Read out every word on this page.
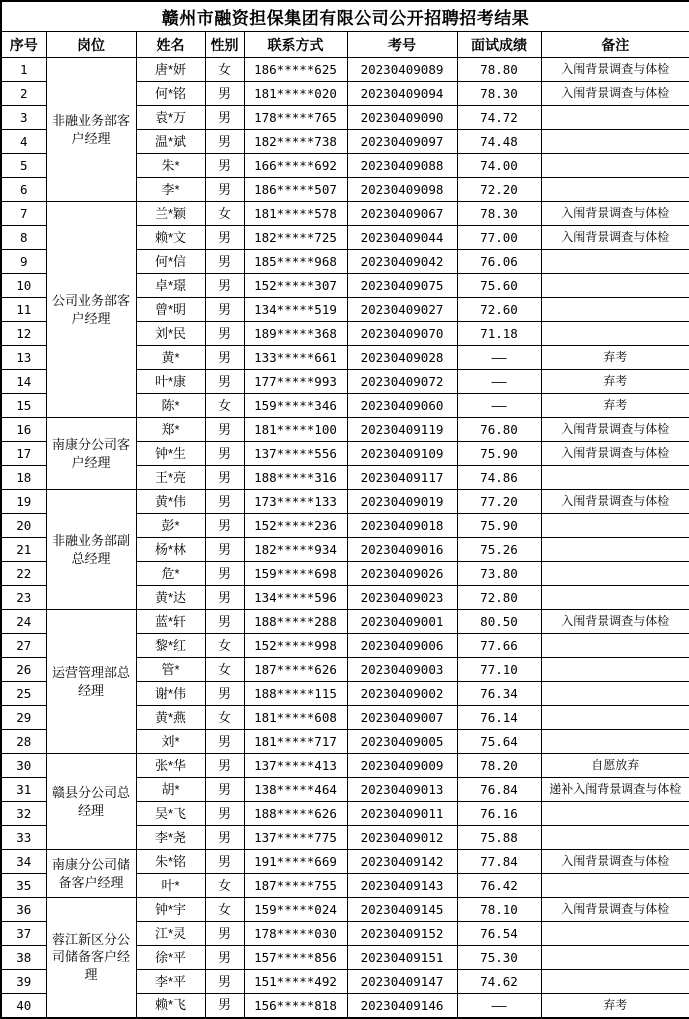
赣州市融资担保集团有限公司公开招聘招考结果							
序号	岗位	姓名	性别	联系方式	考号	面试成绩	备注
1	非融业务部客户经理	唐*妍	女	186*****625	20230409089	78.80	入闱背景调查与体检
2		何*铭	男	181*****020	20230409094	78.30	入闱背景调查与体检
3		袁*万	男	178*****765	20230409090	74.72	
4		温*斌	男	182*****738	20230409097	74.48	
5		朱*	男	166*****692	20230409088	74.00	
6		李*	男	186*****507	20230409098	72.20	
7	公司业务部客户经理	兰*颖	女	181*****578	20230409067	78.30	入闱背景调查与体检
8		赖*文	男	182*****725	20230409044	77.00	入闱背景调查与体检
9		何*信	男	185*****968	20230409042	76.06	
10		卓*璟	男	152*****307	20230409075	75.60	
11		曾*明	男	134*****519	20230409027	72.60	
12		刘*民	男	189*****368	20230409070	71.18	
13		黄*	男	133*****661	20230409028	——	弃考
14		叶*康	男	177*****993	20230409072	——	弃考
15		陈*	女	159*****346	20230409060	——	弃考
16	南康分公司客户经理	郑*	男	181*****100	20230409119	76.80	入闱背景调查与体检
17		钟*生	男	137*****556	20230409109	75.90	入闱背景调查与体检
18		王*亮	男	188*****316	20230409117	74.86	
19	非融业务部副总经理	黄*伟	男	173*****133	20230409019	77.20	入闱背景调查与体检
20		彭*	男	152*****236	20230409018	75.90	
21		杨*林	男	182*****934	20230409016	75.26	
22		危*	男	159*****698	20230409026	73.80	
23		黄*达	男	134*****596	20230409023	72.80	
24	运营管理部总经理	蓝*轩	男	188*****288	20230409001	80.50	入闱背景调查与体检
27		黎*红	女	152*****998	20230409006	77.66	
26		管*	女	187*****626	20230409003	77.10	
25		谢*伟	男	188*****115	20230409002	76.34	
29		黄*燕	女	181*****608	20230409007	76.14	
28		刘*	男	181*****717	20230409005	75.64	
30	赣县分公司总经理	张*华	男	137*****413	20230409009	78.20	自愿放弃
31		胡*	男	138*****464	20230409013	76.84	递补入闱背景调查与体检
32		吴*飞	男	188*****626	20230409011	76.16	
33		李*尧	男	137*****775	20230409012	75.88	
34	南康分公司储备客户经理	朱*铭	男	191*****669	20230409142	77.84	入闱背景调查与体检
35		叶*	女	187*****755	20230409143	76.42	
36	蓉江新区分公司储备客户经理	钟*宇	女	159*****024	20230409145	78.10	入闱背景调查与体检
37		江*灵	男	178*****030	20230409152	76.54	
38		徐*平	男	157*****856	20230409151	75.30	
39		李*平	男	151*****492	20230409147	74.62	
40		赖*飞	男	156*****818	20230409146	——	弃考
